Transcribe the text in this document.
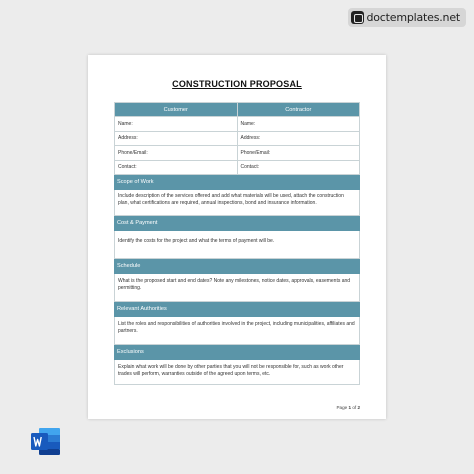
doctemplates.net
CONSTRUCTION PROPOSAL
Customer	Contractor
Name:	Name:
Address:	Address:
Phone/Email:	Phone/Email:
Contact:	Contact:
Scope of Work
Include description of the services offered and add what materials will be used, attach the construction plan, what certifications are required, annual inspections, bond and insurance information.
Cost & Payment
Identify the costs for the project and what the terms of payment will be.
Schedule
What is the proposed start and end dates? Note any milestones, notice dates, approvals, easements and permitting.
Relevant Authorities
List the roles and responsibilities of authorities involved in the project, including municipalities, affiliates and partners.
Exclusions
Explain what work will be done by other parties that you will not be responsible for, such as work other trades will perform, warranties outside of the agreed upon terms, etc.
Page 1 of 2
